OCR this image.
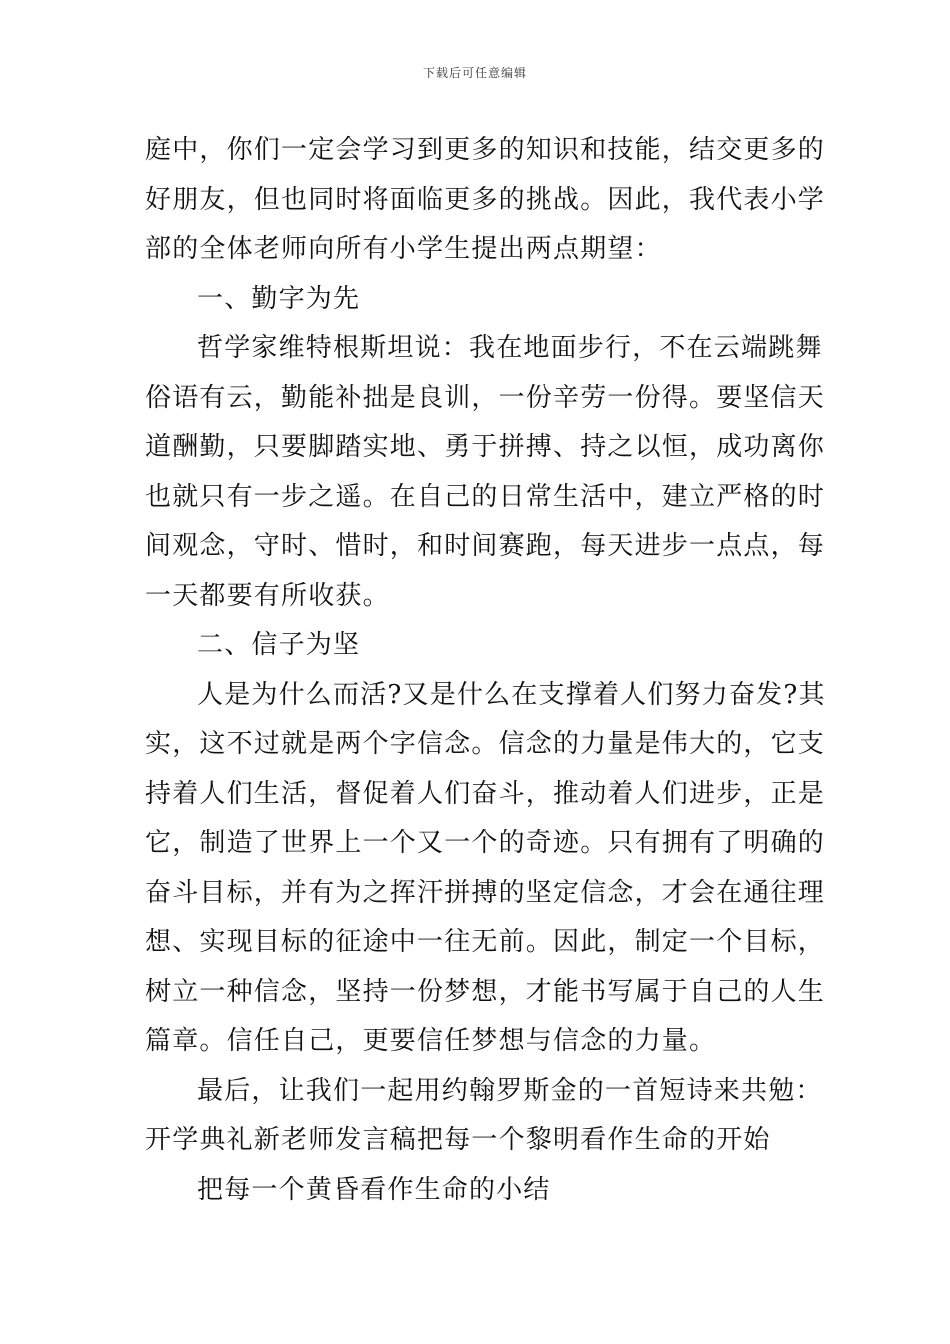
下载后可任意编辑
庭中，你们一定会学习到更多的知识和技能，结交更多的
好朋友，但也同时将面临更多的挑战。因此，我代表小学
部的全体老师向所有小学生提出两点期望：
一、勤字为先
哲学家维特根斯坦说：我在地面步行，不在云端跳舞
俗语有云，勤能补拙是良训，一份辛劳一份得。要坚信天
道酬勤，只要脚踏实地、勇于拼搏、持之以恒，成功离你
也就只有一步之遥。在自己的日常生活中，建立严格的时
间观念，守时、惜时，和时间赛跑，每天进步一点点，每
一天都要有所收获。
二、信子为坚
人是为什么而活?又是什么在支撑着人们努力奋发?其
实，这不过就是两个字信念。信念的力量是伟大的，它支
持着人们生活，督促着人们奋斗，推动着人们进步，正是
它，制造了世界上一个又一个的奇迹。只有拥有了明确的
奋斗目标，并有为之挥汗拼搏的坚定信念，才会在通往理
想、实现目标的征途中一往无前。因此，制定一个目标，
树立一种信念，坚持一份梦想，才能书写属于自己的人生
篇章。信任自己，更要信任梦想与信念的力量。
最后，让我们一起用约翰罗斯金的一首短诗来共勉：
开学典礼新老师发言稿把每一个黎明看作生命的开始
把每一个黄昏看作生命的小结
